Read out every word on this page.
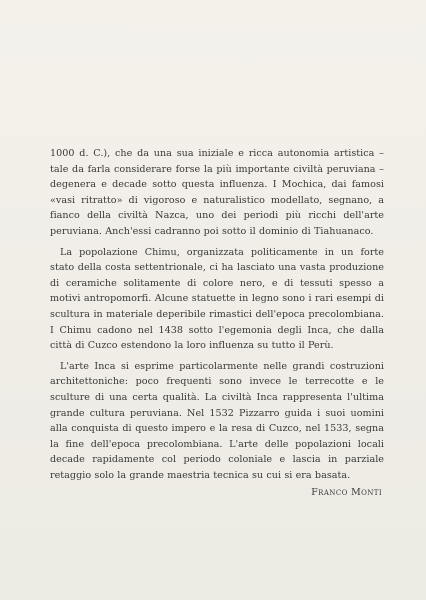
1000 d. C.), che da una sua iniziale e ricca autonomia artistica – tale da farla considerare forse la più importante civiltà peruviana – degenera e decade sotto questa influenza. I Mochica, dai famosi «vasi ritratto» di vigoroso e naturalistico modellato, segnano, a fianco della civiltà Nazca, uno dei periodi più ricchi dell'arte peruviana. Anch'essi cadranno poi sotto il dominio di Tiahuanaco.

La popolazione Chimu, organizzata politicamente in un forte stato della costa settentrionale, ci ha lasciato una vasta produzione di ceramiche solitamente di colore nero, e di tessuti spesso a motivi antropomorfi. Alcune statuette in legno sono i rari esempi di scultura in materiale deperibile rimastici dell'epoca precolombiana. I Chimu cadono nel 1438 sotto l'egemonia degli Inca, che dalla città di Cuzco estendono la loro influenza su tutto il Perù.

L'arte Inca si esprime particolarmente nelle grandi costruzioni architettoniche: poco frequenti sono invece le terrecotte e le sculture di una certa qualità. La civiltà Inca rappresenta l'ultima grande cultura peruviana. Nel 1532 Pizzarro guida i suoi uomini alla conquista di questo impero e la resa di Cuzco, nel 1533, segna la fine dell'epoca precolombiana. L'arte delle popolazioni locali decade rapidamente col periodo coloniale e lascia in parziale retaggio solo la grande maestria tecnica su cui si era basata.

Franco Monti
